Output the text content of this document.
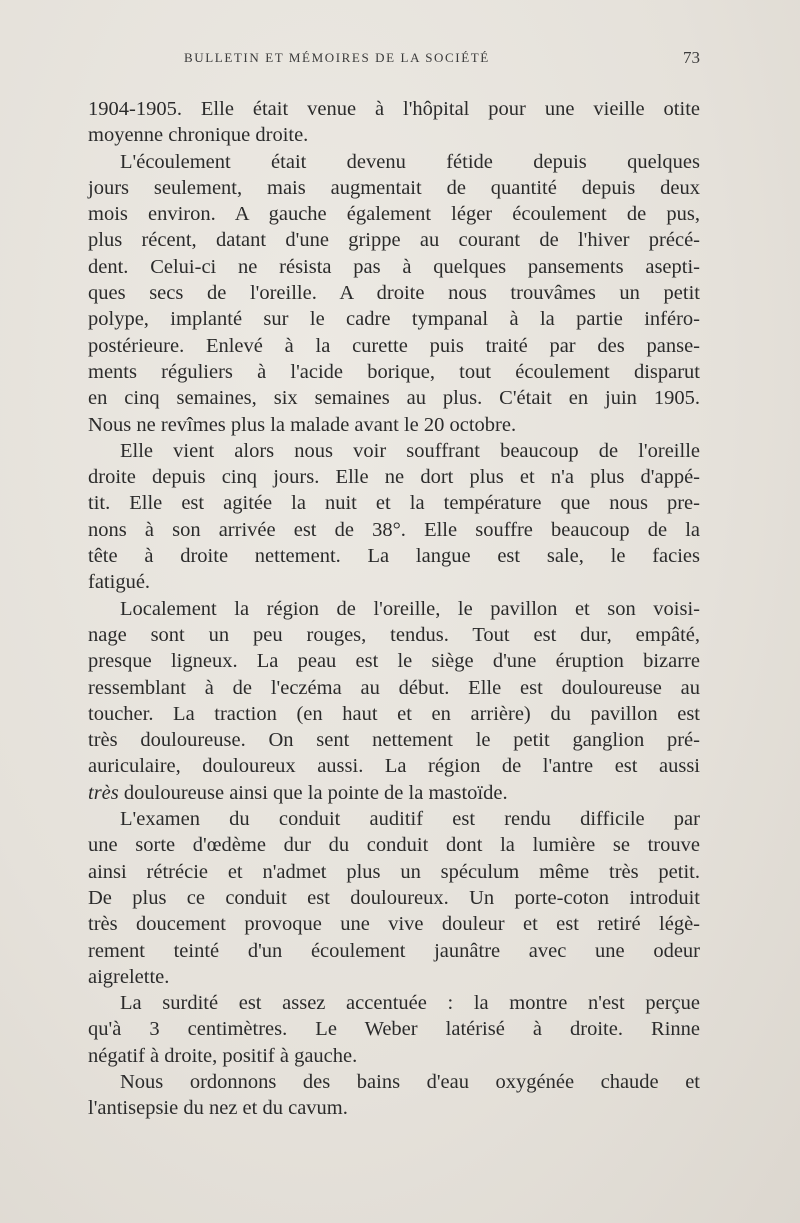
BULLETIN ET MÉMOIRES DE LA SOCIÉTÉ	73
1904-1905. Elle était venue à l'hôpital pour une vieille otite
moyenne chronique droite.
L'écoulement était devenu fétide depuis quelques
jours seulement, mais augmentait de quantité depuis deux
mois environ. A gauche également léger écoulement de pus,
plus récent, datant d'une grippe au courant de l'hiver précé-
dent. Celui-ci ne résista pas à quelques pansements asepti-
ques secs de l'oreille. A droite nous trouvâmes un petit
polype, implanté sur le cadre tympanal à la partie inféro-
postérieure. Enlevé à la curette puis traité par des panse-
ments réguliers à l'acide borique, tout écoulement disparut
en cinq semaines, six semaines au plus. C'était en juin 1905.
Nous ne revîmes plus la malade avant le 20 octobre.
Elle vient alors nous voir souffrant beaucoup de l'oreille
droite depuis cinq jours. Elle ne dort plus et n'a plus d'appé-
tit. Elle est agitée la nuit et la température que nous pre-
nons à son arrivée est de 38°. Elle souffre beaucoup de la
tête à droite nettement. La langue est sale, le facies
fatigué.
Localement la région de l'oreille, le pavillon et son voisi-
nage sont un peu rouges, tendus. Tout est dur, empâté,
presque ligneux. La peau est le siège d'une éruption bizarre
ressemblant à de l'eczéma au début. Elle est douloureuse au
toucher. La traction (en haut et en arrière) du pavillon est
très douloureuse. On sent nettement le petit ganglion pré-
auriculaire, douloureux aussi. La région de l'antre est aussi
très douloureuse ainsi que la pointe de la mastoïde.
L'examen du conduit auditif est rendu difficile par
une sorte d'œdème dur du conduit dont la lumière se trouve
ainsi rétrécie et n'admet plus un spéculum même très petit.
De plus ce conduit est douloureux. Un porte-coton introduit
très doucement provoque une vive douleur et est retiré légè-
rement teinté d'un écoulement jaunâtre avec une odeur
aigrelette.
La surdité est assez accentuée : la montre n'est perçue
qu'à 3 centimètres. Le Weber latérisé à droite. Rinne
négatif à droite, positif à gauche.
Nous ordonnons des bains d'eau oxygénée chaude et
l'antisepsie du nez et du cavum.
